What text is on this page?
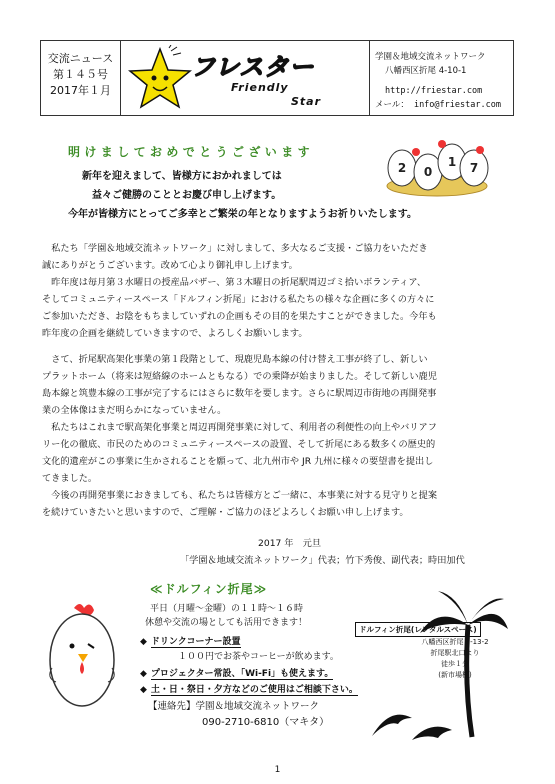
交流ニュース
第１４５号
2017年１月
フレスター
Friendly
Star
学園＆地域交流ネットワーク
八幡西区折尾 4-10-1
http://friestar.com
メール： info@friestar.com
明けましておめでとうございます
新年を迎えまして、皆様方におかれましては
益々ご健勝のこととお慶び申し上げます。
今年が皆様方にとってご多幸とご繁栄の年となりますようお祈りいたします。
2 0
1 7

私たち「学園＆地域交流ネットワーク」に対しまして、多大なるご支援・ご協力をいただき

誠にありがとうございます。改めて心より御礼申し上げます。

　昨年度は毎月第３水曜日の授産品バザー、第３木曜日の折尾駅周辺ゴミ拾いボランティア、

そしてコミュニティースペース「ドルフィン折尾」における私たちの様々な企画に多くの方々に

ご参加いただき、お陰をもちましていずれの企画もその目的を果たすことができました。今年も

昨年度の企画を継続していきますので、よろしくお願いします。

さて、折尾駅高架化事業の第１段階として、現鹿児島本線の付け替え工事が終了し、新しい

プラットホーム（将来は短絡線のホームともなる）での乗降が始まりました。そして新しい鹿児

島本線と筑豊本線の工事が完了するにはさらに数年を要します。さらに駅周辺市街地の再開発事

業の全体像はまだ明らかになっていません。

　私たちはこれまで駅高架化事業と周辺再開発事業に対して、利用者の利便性の向上やバリアフ

リー化の徹底、市民のためのコミュニティースペースの設置、そして折尾にある数多くの歴史的

文化的遺産がこの事業に生かされることを願って、北九州市や JR 九州に様々の要望書を提出し

てきました。

　今後の再開発事業におきましても、私たちは皆様方とご一緒に、本事業に対する見守りと提案

を続けていきたいと思いますので、ご理解・ご協力のほどよろしくお願い申し上げます。

2017 年　元旦
「学園＆地域交流ネットワーク」代表；竹下秀俊、副代表；時田加代
≪ドルフィン折尾≫
平日（月曜～金曜）の１１時～１６時
休憩や交流の場としても活用できます！
◆ ドリンクコーナー設置
１００円でお茶やコーヒーが飲めます。
◆ プロジェクター常設、「Wi-Fi」も使えます。
◆ 土・日・祭日・夕方などのご使用はご相談下さい。
【連絡先】学園＆地域交流ネットワーク
090-2710-6810（マキタ）
ドルフィン折尾(レンタルスペース)
八幡西区折尾 1-13-2
折尾駅北口より
徒歩１分
(新市場横)
1
